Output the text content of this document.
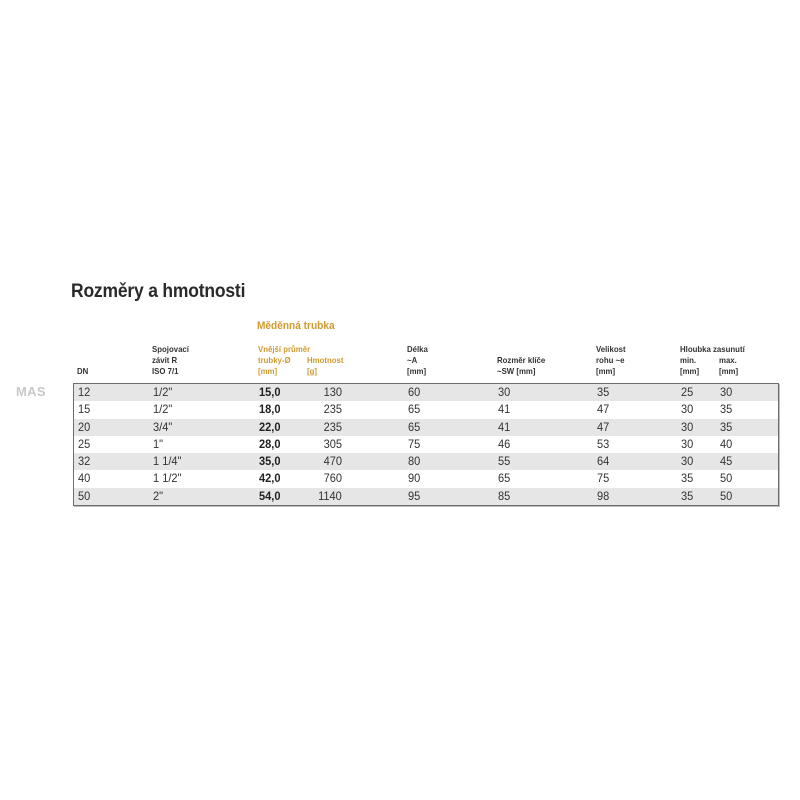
Rozměry a hmotnosti
MAS
DN
Spojovací
závit R
ISO 7/1
Měděnná trubka
Vnější průměr
trubky-Ø
[mm]
Hmotnost
[g]
Délka
~A
[mm]
Rozměr klíče
~SW [mm]
Velikost
rohu ~e
[mm]
Hloubka zasunutí
min.
[mm]
max.
[mm]
12	1/2"	15,0	130	60	30	35	25 30
15	1/2"	18,0	235	65	41	47	30 35
20	3/4"	22,0	235	65	41	47	30 35
25	1"	28,0	305	75	46	53	30 40
32	1 1/4"	35,0	470	80	55	64	30 45
40	1 1/2"	42,0	760	90	65	75	35 50
50	2"	54,0	1140	95	85	98	35 50
